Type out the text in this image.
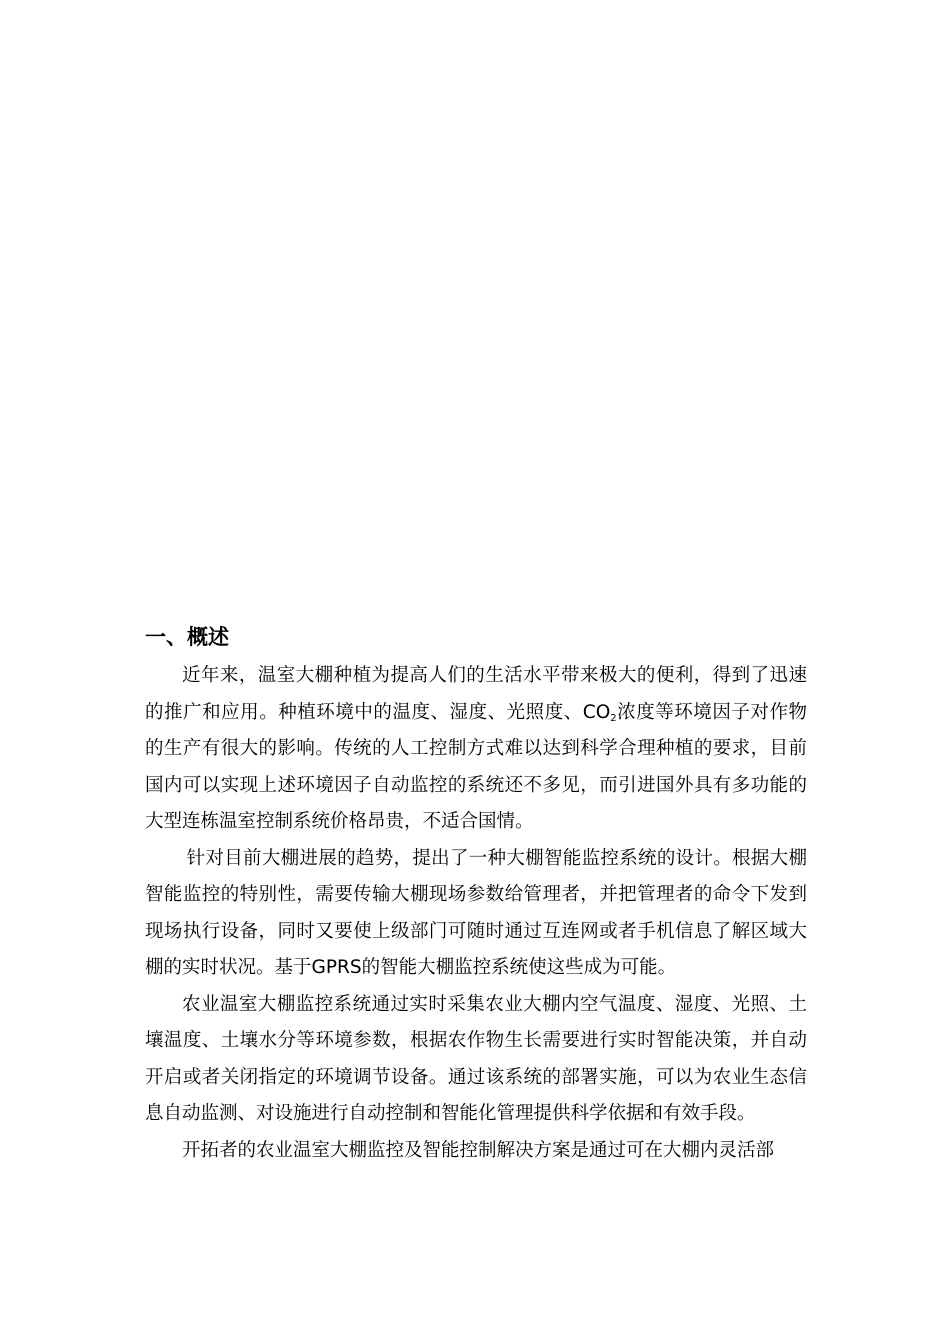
一、概述

近年来，温室大棚种植为提高人们的生活水平带来极大的便利，得到了迅速的推广和应用。种植环境中的温度、湿度、光照度、$CO_2$浓度等环境因子对作物的生产有很大的影响。传统的人工控制方式难以达到科学合理种植的要求，目前国内可以实现上述环境因子自动监控的系统还不多见，而引进国外具有多功能的大型连栋温室控制系统价格昂贵，不适合国情。

针对目前大棚进展的趋势，提出了一种大棚智能监控系统的设计。根据大棚智能监控的特别性，需要传输大棚现场参数给管理者，并把管理者的命令下发到现场执行设备，同时又要使上级部门可随时通过互连网或者手机信息了解区域大棚的实时状况。基于GPRS的智能大棚监控系统使这些成为可能。

农业温室大棚监控系统通过实时采集农业大棚内空气温度、湿度、光照、土壤温度、土壤水分等环境参数，根据农作物生长需要进行实时智能决策，并自动开启或者关闭指定的环境调节设备。通过该系统的部署实施，可以为农业生态信息自动监测、对设施进行自动控制和智能化管理提供科学依据和有效手段。

开拓者的农业温室大棚监控及智能控制解决方案是通过可在大棚内灵活部
